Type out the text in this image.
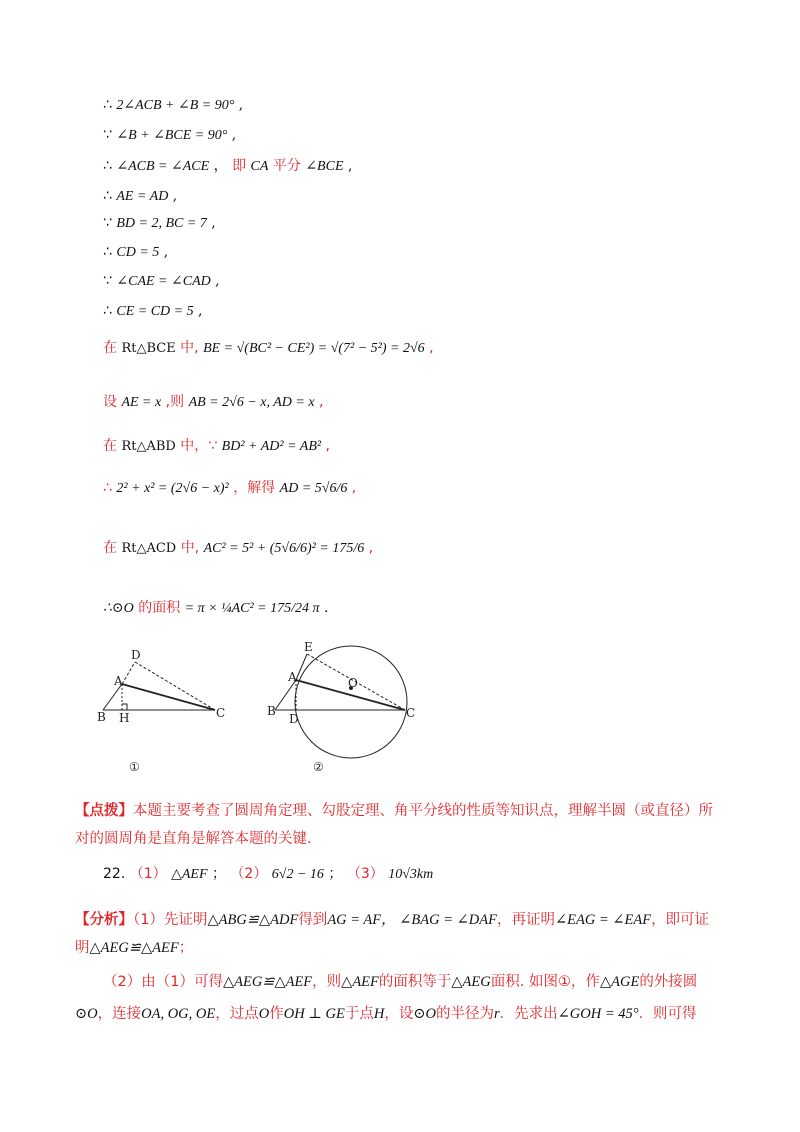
∴ 2∠ACB + ∠B = 90° ,
∵ ∠B + ∠BCE = 90° ,
∴ ∠ACB = ∠ACE ， 即 CA 平分 ∠BCE ,
∴ AE = AD ,
∵ BD = 2, BC = 7 ,
∴ CD = 5 ,
∵ ∠CAE = ∠CAD ,
∴ CE = CD = 5 ,
在 Rt△BCE 中, BE = √(BC² − CE²) = √(7² − 5²) = 2√6 ,
设 AE = x ,则 AB = 2√6 − x, AD = x ,
在 Rt△ABD 中，∵ BD² + AD² = AB² ,
∴ 2² + x² = (2√6 − x)² ，解得 AD = 5√6/6 ,
在 Rt△ACD 中, AC² = 5² + (5√6/6)² = 175/6 ,
∴⊙O 的面积 = π × ¼AC² = 175/24 π .
D
A
B H	C
E
A	O
B
D	C
①	②
【点拨】本题主要考查了圆周角定理、勾股定理、角平分线的性质等知识点，理解半圆（或直径）所对的圆周角是直角是解答本题的关键.
22. （1） △AEF ； （2） 6√2 − 16 ； （3） 10√3km
【分析】（1）先证明△ABG≌△ADF得到AG = AF， ∠BAG = ∠DAF，再证明∠EAG = ∠EAF，即可证
明△AEG≌△AEF；
（2）由（1）可得△AEG≌△AEF，则△AEF的面积等于△AEG面积. 如图①，作△AGE的外接圆
⊙O，连接OA, OG, OE，过点O作OH ⊥ GE于点H，设⊙O的半径为r．先求出∠GOH = 45°．则可得
